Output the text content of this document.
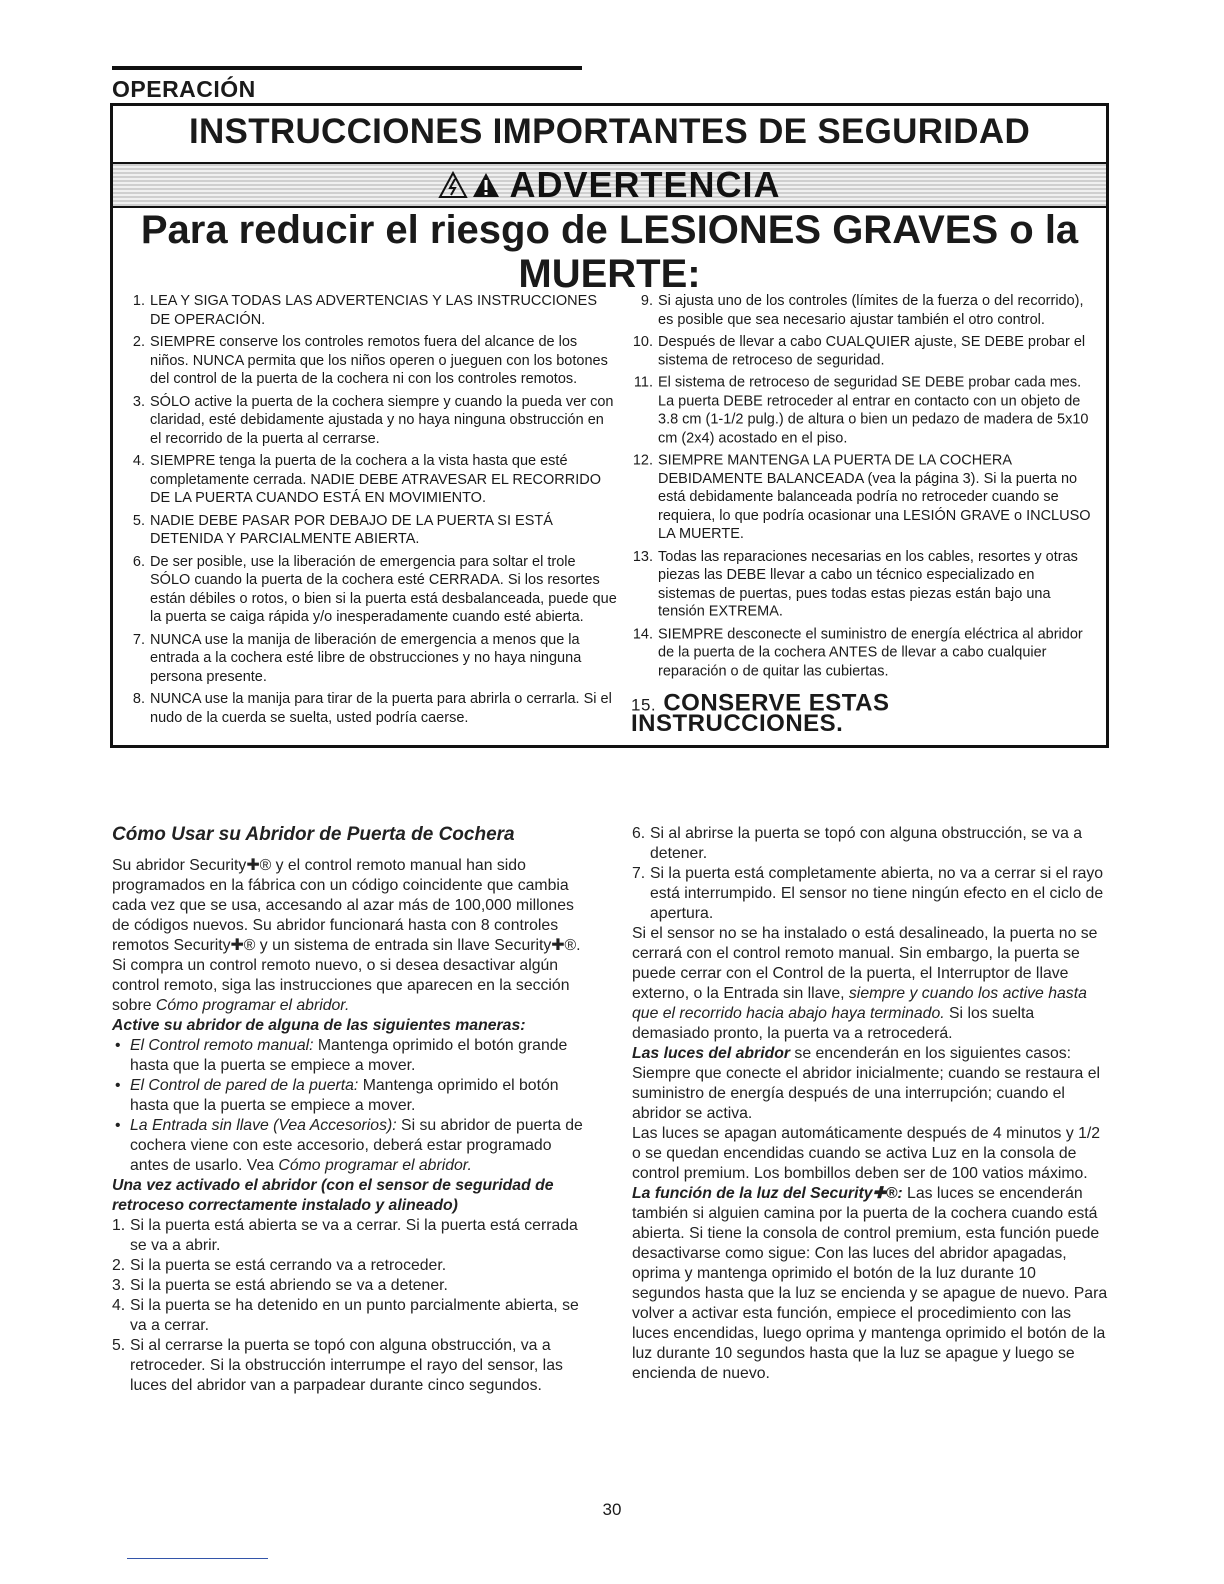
OPERACIÓN
INSTRUCCIONES IMPORTANTES DE SEGURIDAD
ADVERTENCIA
Para reducir el riesgo de LESIONES GRAVES o la
MUERTE:
1. LEA Y SIGA TODAS LAS ADVERTENCIAS Y LAS INSTRUCCIONES DE OPERACIÓN.
2. SIEMPRE conserve los controles remotos fuera del alcance de los niños. NUNCA permita que los niños operen o jueguen con los botones del control de la puerta de la cochera ni con los controles remotos.
3. SÓLO active la puerta de la cochera siempre y cuando la pueda ver con claridad, esté debidamente ajustada y no haya ninguna obstrucción en el recorrido de la puerta al cerrarse.
4. SIEMPRE tenga la puerta de la cochera a la vista hasta que esté completamente cerrada. NADIE DEBE ATRAVESAR EL RECORRIDO DE LA PUERTA CUANDO ESTÁ EN MOVIMIENTO.
5. NADIE DEBE PASAR POR DEBAJO DE LA PUERTA SI ESTÁ DETENIDA Y PARCIALMENTE ABIERTA.
6. De ser posible, use la liberación de emergencia para soltar el trole SÓLO cuando la puerta de la cochera esté CERRADA. Si los resortes están débiles o rotos, o bien si la puerta está desbalanceada, puede que la puerta se caiga rápida y/o inesperadamente cuando esté abierta.
7. NUNCA use la manija de liberación de emergencia a menos que la entrada a la cochera esté libre de obstrucciones y no haya ninguna persona presente.
8. NUNCA use la manija para tirar de la puerta para abrirla o cerrarla. Si el nudo de la cuerda se suelta, usted podría caerse.
9. Si ajusta uno de los controles (límites de la fuerza o del recorrido), es posible que sea necesario ajustar también el otro control.
10. Después de llevar a cabo CUALQUIER ajuste, SE DEBE probar el sistema de retroceso de seguridad.
11. El sistema de retroceso de seguridad SE DEBE probar cada mes. La puerta DEBE retroceder al entrar en contacto con un objeto de 3.8 cm (1-1/2 pulg.) de altura o bien un pedazo de madera de 5x10 cm (2x4) acostado en el piso.
12. SIEMPRE MANTENGA LA PUERTA DE LA COCHERA DEBIDAMENTE BALANCEADA (vea la página 3). Si la puerta no está debidamente balanceada podría no retroceder cuando se requiera, lo que podría ocasionar una LESIÓN GRAVE o INCLUSO LA MUERTE.
13. Todas las reparaciones necesarias en los cables, resortes y otras piezas las DEBE llevar a cabo un técnico especializado en sistemas de puertas, pues todas estas piezas están bajo una tensión EXTREMA.
14. SIEMPRE desconecte el suministro de energía eléctrica al abridor de la puerta de la cochera ANTES de llevar a cabo cualquier reparación o de quitar las cubiertas.
15. CONSERVE ESTAS INSTRUCCIONES.
Cómo Usar su Abridor de Puerta de Cochera

Su abridor Security✚® y el control remoto manual han sido programados en la fábrica con un código coincidente que cambia cada vez que se usa, accesando al azar más de 100,000 millones de códigos nuevos. Su abridor funcionará hasta con 8 controles remotos Security✚® y un sistema de entrada sin llave Security✚®. Si compra un control remoto nuevo, o si desea desactivar algún control remoto, siga las instrucciones que aparecen en la sección sobre Cómo programar el abridor.

Active su abridor de alguna de las siguientes maneras:

• El Control remoto manual: Mantenga oprimido el botón grande hasta que la puerta se empiece a mover.
• El Control de pared de la puerta: Mantenga oprimido el botón hasta que la puerta se empiece a mover.
• La Entrada sin llave (Vea Accesorios): Si su abridor de puerta de cochera viene con este accesorio, deberá estar programado antes de usarlo. Vea Cómo programar el abridor.

Una vez activado el abridor (con el sensor de seguridad de retroceso correctamente instalado y alineado)

1. Si la puerta está abierta se va a cerrar. Si la puerta está cerrada se va a abrir.
2. Si la puerta se está cerrando va a retroceder.
3. Si la puerta se está abriendo se va a detener.
4. Si la puerta se ha detenido en un punto parcialmente abierta, se va a cerrar.
5. Si al cerrarse la puerta se topó con alguna obstrucción, va a retroceder. Si la obstrucción interrumpe el rayo del sensor, las luces del abridor van a parpadear durante cinco segundos.
6. Si al abrirse la puerta se topó con alguna obstrucción, se va a detener.
7. Si la puerta está completamente abierta, no va a cerrar si el rayo está interrumpido. El sensor no tiene ningún efecto en el ciclo de apertura.

Si el sensor no se ha instalado o está desalineado, la puerta no se cerrará con el control remoto manual. Sin embargo, la puerta se puede cerrar con el Control de la puerta, el Interruptor de llave externo, o la Entrada sin llave, siempre y cuando los active hasta que el recorrido hacia abajo haya terminado. Si los suelta demasiado pronto, la puerta va a retrocederá.

Las luces del abridor se encenderán en los siguientes casos: Siempre que conecte el abridor inicialmente; cuando se restaura el suministro de energía después de una interrupción; cuando el abridor se activa.

Las luces se apagan automáticamente después de 4 minutos y 1/2 o se quedan encendidas cuando se activa Luz en la consola de control premium. Los bombillos deben ser de 100 vatios máximo.

La función de la luz del Security✚®: Las luces se encenderán también si alguien camina por la puerta de la cochera cuando está abierta. Si tiene la consola de control premium, esta función puede desactivarse como sigue: Con las luces del abridor apagadas, oprima y mantenga oprimido el botón de la luz durante 10 segundos hasta que la luz se encienda y se apague de nuevo. Para volver a activar esta función, empiece el procedimiento con las luces encendidas, luego oprima y mantenga oprimido el botón de la luz durante 10 segundos hasta que la luz se apague y luego se encienda de nuevo.

30
